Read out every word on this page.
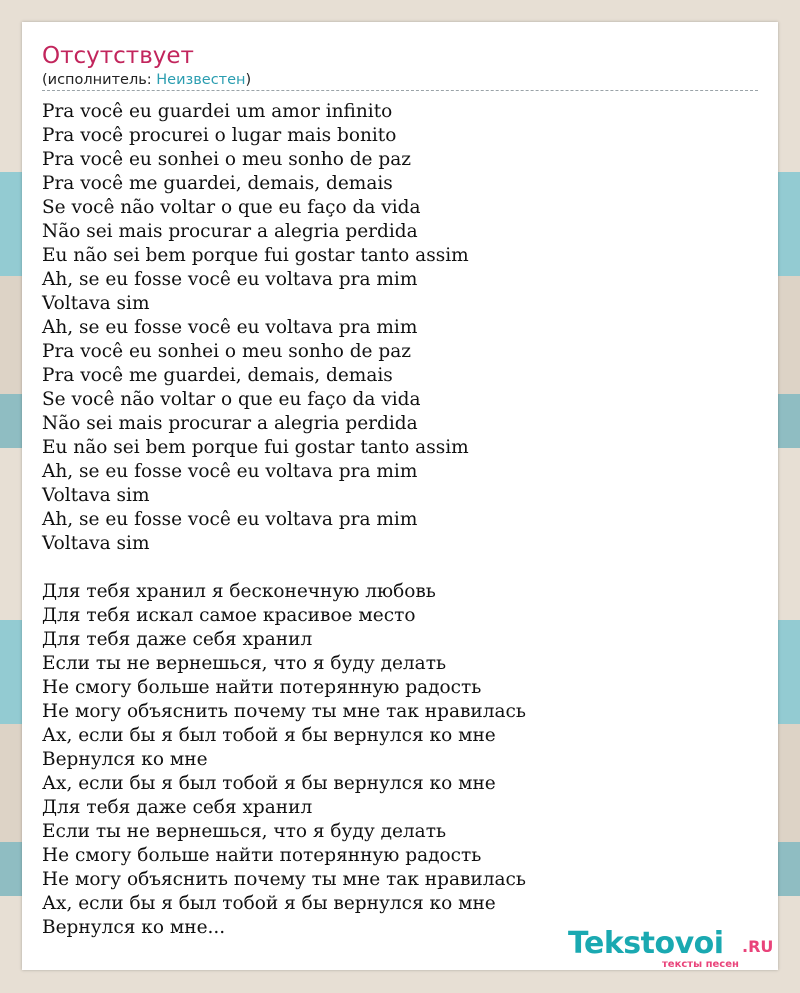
Отсутствует
(исполнитель: Неизвестен)
Pra você eu guardei um amor infinito
Pra você procurei o lugar mais bonito
Pra você eu sonhei o meu sonho de paz
Pra você me guardei, demais, demais
Se você não voltar o que eu faço da vida
Não sei mais procurar a alegria perdida
Eu não sei bem porque fui gostar tanto assim
Ah, se eu fosse você eu voltava pra mim
Voltava sim
Ah, se eu fosse você eu voltava pra mim
Pra você eu sonhei o meu sonho de paz
Pra você me guardei, demais, demais
Se você não voltar o que eu faço da vida
Não sei mais procurar a alegria perdida
Eu não sei bem porque fui gostar tanto assim
Ah, se eu fosse você eu voltava pra mim
Voltava sim
Ah, se eu fosse você eu voltava pra mim
Voltava sim
Для тебя хранил я бесконечную любовь
Для тебя искал самое красивое место
Для тебя даже себя хранил
Если ты не вернешься, что я буду делать
Не смогу больше найти потерянную радость
Не могу объяснить почему ты мне так нравилась
Ах, если бы я был тобой я бы вернулся ко мне
Вернулся ко мне
Ах, если бы я был тобой я бы вернулся ко мне
Для тебя даже себя хранил
Если ты не вернешься, что я буду делать
Не смогу больше найти потерянную радость
Не могу объяснить почему ты мне так нравилась
Ах, если бы я был тобой я бы вернулся ко мне
Вернулся ко мне...	Tekstovoi .RU
тексты песен
